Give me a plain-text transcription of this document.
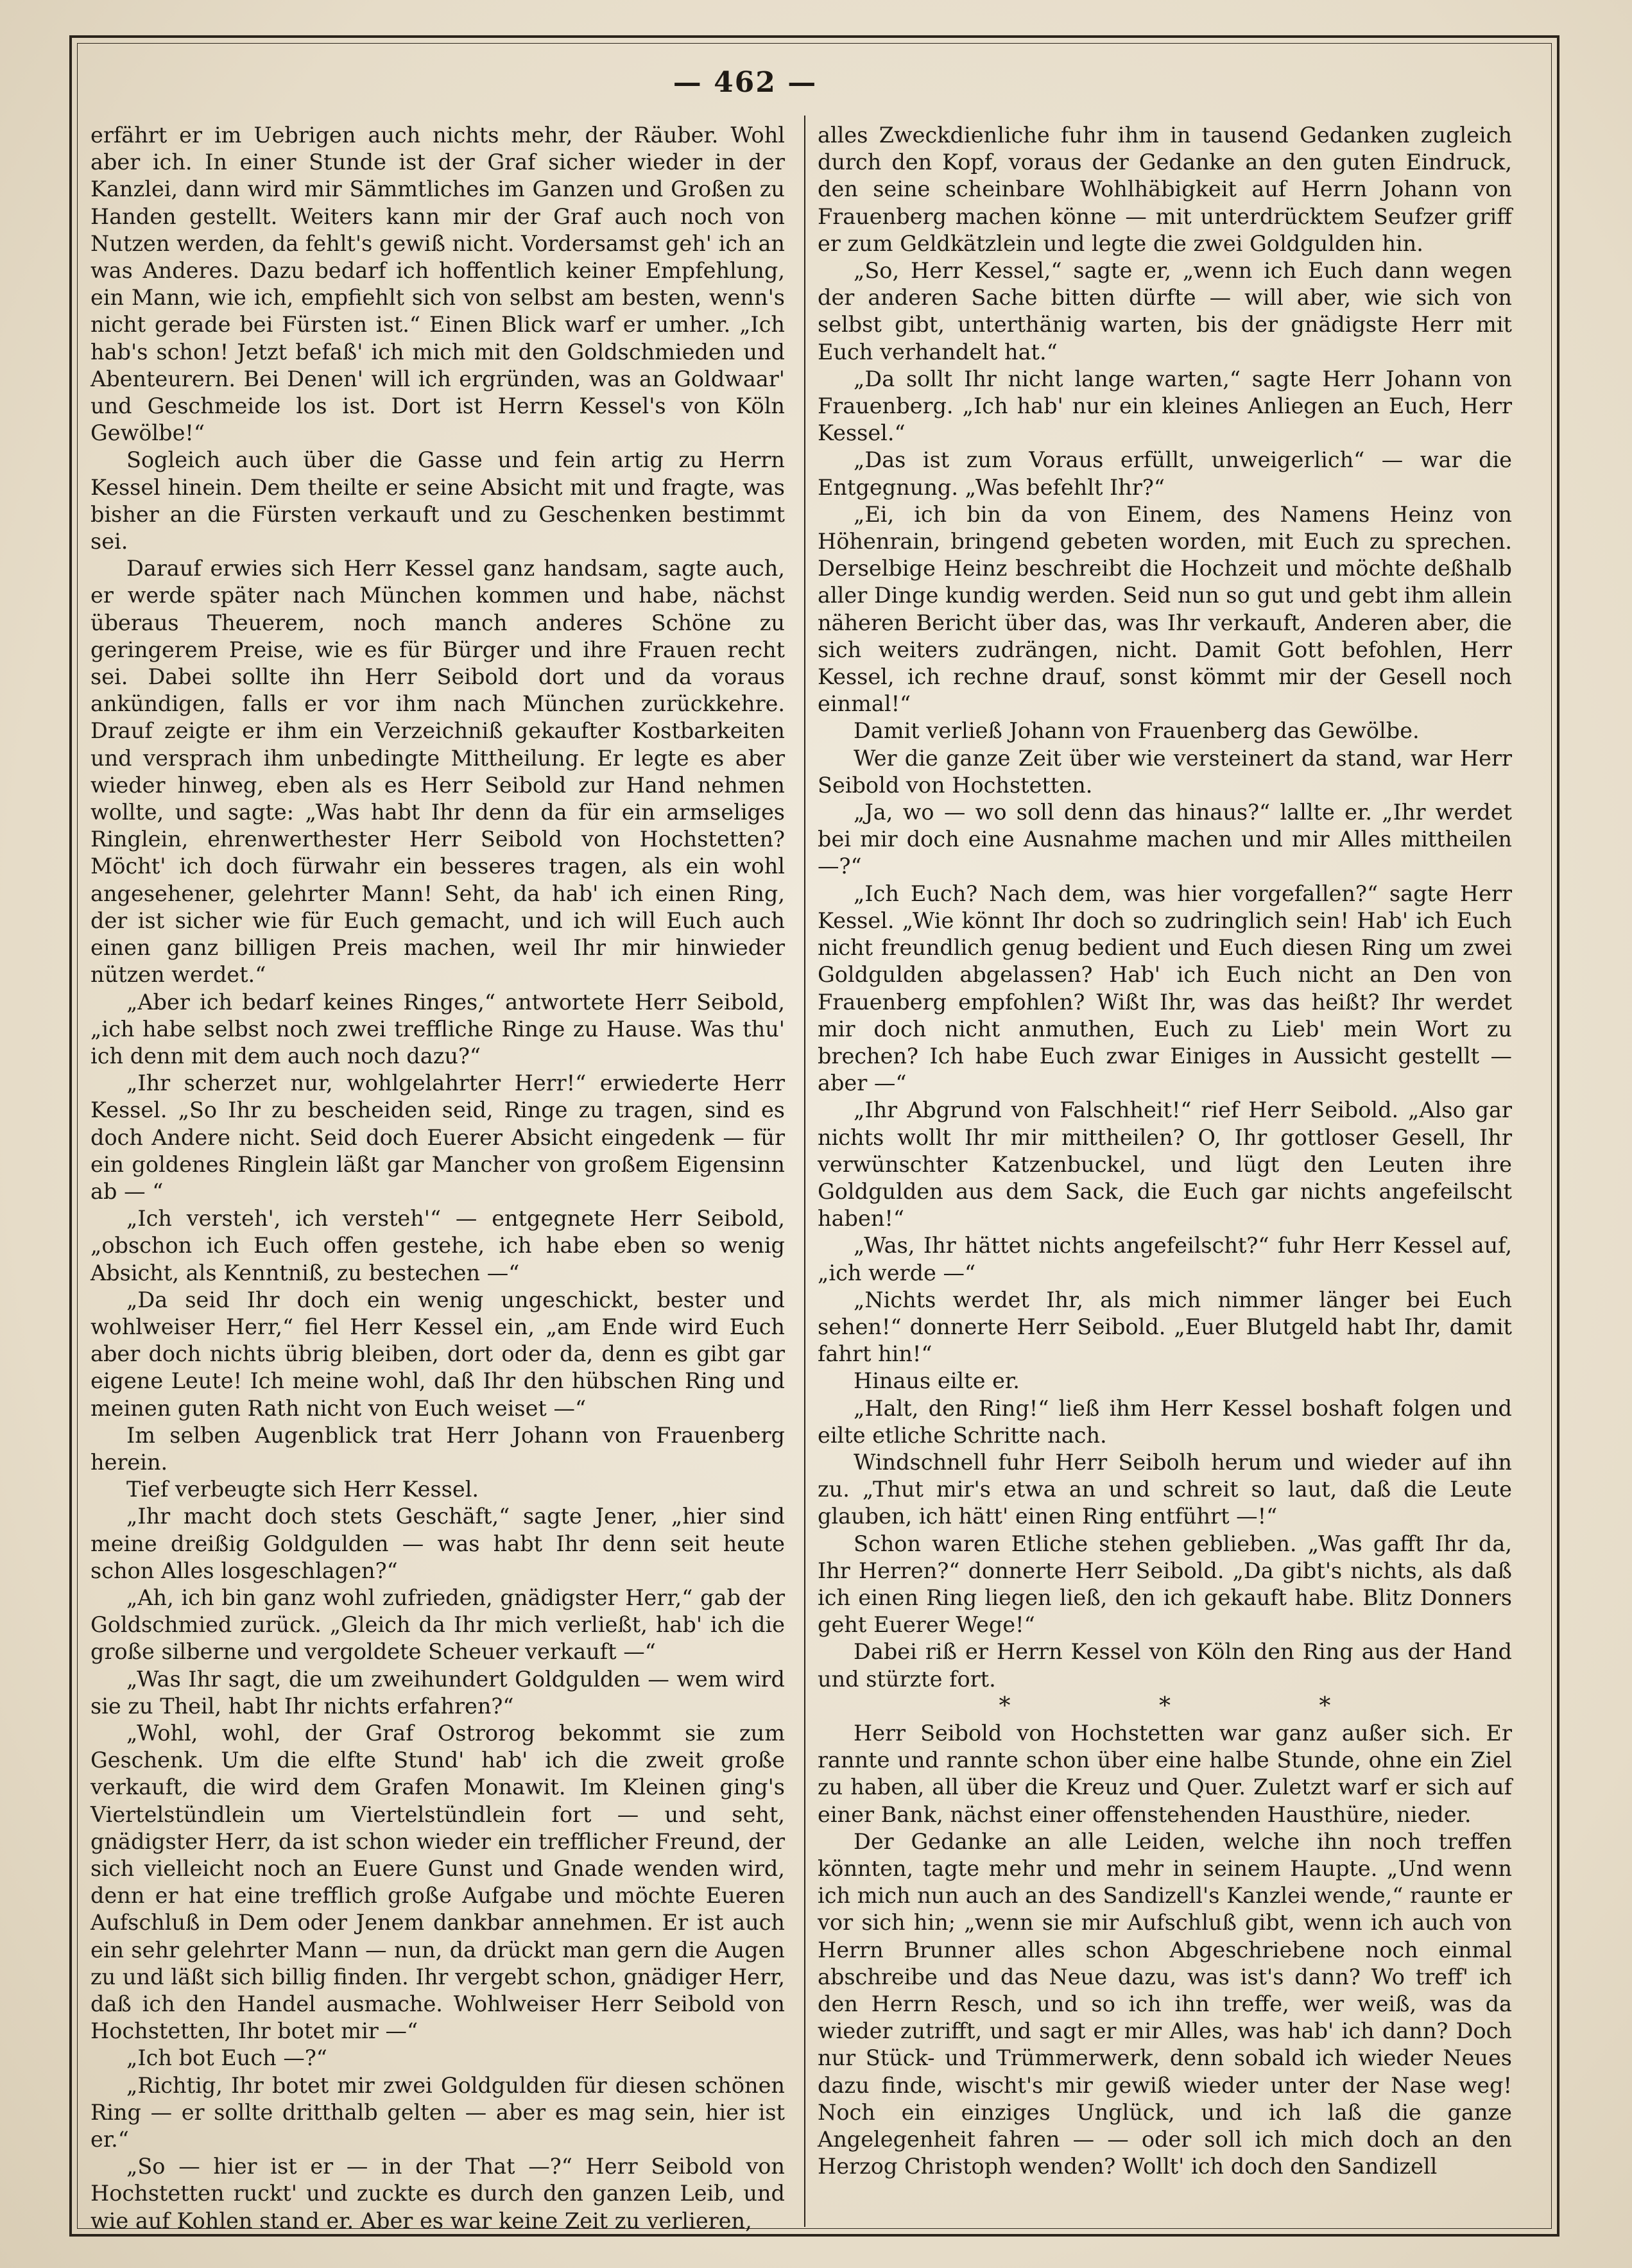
— 462 —

erfährt er im Uebrigen auch nichts mehr, der Räuber. Wohl aber ich. In einer Stunde ist der Graf sicher wieder in der Kanzlei, dann wird mir Sämmtliches im Ganzen und Großen zu Handen gestellt. Weiters kann mir der Graf auch noch von Nutzen werden, da fehlt's gewiß nicht. Vordersamst geh' ich an was Anderes. Dazu bedarf ich hoffentlich keiner Empfehlung, ein Mann, wie ich, empfiehlt sich von selbst am besten, wenn's nicht gerade bei Fürsten ist.“ Einen Blick warf er umher. „Ich hab's schon! Jetzt befaß' ich mich mit den Goldschmieden und Abenteurern. Bei Denen' will ich ergründen, was an Goldwaar' und Geschmeide los ist. Dort ist Herrn Kessel's von Köln Gewölbe!“

Sogleich auch über die Gasse und fein artig zu Herrn Kessel hinein. Dem theilte er seine Absicht mit und fragte, was bisher an die Fürsten verkauft und zu Geschenken bestimmt sei.

Darauf erwies sich Herr Kessel ganz handsam, sagte auch, er werde später nach München kommen und habe, nächst überaus Theuerem, noch manch anderes Schöne zu geringerem Preise, wie es für Bürger und ihre Frauen recht sei. Dabei sollte ihn Herr Seibold dort und da voraus ankündigen, falls er vor ihm nach München zurückkehre. Drauf zeigte er ihm ein Verzeichniß gekaufter Kostbarkeiten und versprach ihm unbedingte Mittheilung. Er legte es aber wieder hinweg, eben als es Herr Seibold zur Hand nehmen wollte, und sagte: „Was habt Ihr denn da für ein armseliges Ringlein, ehrenwerthester Herr Seibold von Hochstetten? Möcht' ich doch fürwahr ein besseres tragen, als ein wohl angesehener, gelehrter Mann! Seht, da hab' ich einen Ring, der ist sicher wie für Euch gemacht, und ich will Euch auch einen ganz billigen Preis machen, weil Ihr mir hinwieder nützen werdet.“

„Aber ich bedarf keines Ringes,“ antwortete Herr Seibold, „ich habe selbst noch zwei treffliche Ringe zu Hause. Was thu' ich denn mit dem auch noch dazu?“

„Ihr scherzet nur, wohlgelahrter Herr!“ erwiederte Herr Kessel. „So Ihr zu bescheiden seid, Ringe zu tragen, sind es doch Andere nicht. Seid doch Euerer Absicht eingedenk — für ein goldenes Ringlein läßt gar Mancher von großem Eigensinn ab — “

„Ich versteh', ich versteh'“ — entgegnete Herr Seibold, „obschon ich Euch offen gestehe, ich habe eben so wenig Absicht, als Kenntniß, zu bestechen —“

„Da seid Ihr doch ein wenig ungeschickt, bester und wohlweiser Herr,“ fiel Herr Kessel ein, „am Ende wird Euch aber doch nichts übrig bleiben, dort oder da, denn es gibt gar eigene Leute! Ich meine wohl, daß Ihr den hübschen Ring und meinen guten Rath nicht von Euch weiset —“

Im selben Augenblick trat Herr Johann von Frauenberg herein.

Tief verbeugte sich Herr Kessel.

„Ihr macht doch stets Geschäft,“ sagte Jener, „hier sind meine dreißig Goldgulden — was habt Ihr denn seit heute schon Alles losgeschlagen?“

„Ah, ich bin ganz wohl zufrieden, gnädigster Herr,“ gab der Goldschmied zurück. „Gleich da Ihr mich verließt, hab' ich die große silberne und vergoldete Scheuer verkauft —“

„Was Ihr sagt, die um zweihundert Goldgulden — wem wird sie zu Theil, habt Ihr nichts erfahren?“

„Wohl, wohl, der Graf Ostrorog bekommt sie zum Geschenk. Um die elfte Stund' hab' ich die zweit große verkauft, die wird dem Grafen Monawit. Im Kleinen ging's Viertelstündlein um Viertelstündlein fort — und seht, gnädigster Herr, da ist schon wieder ein trefflicher Freund, der sich vielleicht noch an Euere Gunst und Gnade wenden wird, denn er hat eine trefflich große Aufgabe und möchte Eueren Aufschluß in Dem oder Jenem dankbar annehmen. Er ist auch ein sehr gelehrter Mann — nun, da drückt man gern die Augen zu und läßt sich billig finden. Ihr vergebt schon, gnädiger Herr, daß ich den Handel ausmache. Wohlweiser Herr Seibold von Hochstetten, Ihr botet mir —“

„Ich bot Euch —?“

„Richtig, Ihr botet mir zwei Goldgulden für diesen schönen Ring — er sollte dritthalb gelten — aber es mag sein, hier ist er.“

„So — hier ist er — in der That —?“ Herr Seibold von Hochstetten ruckt' und zuckte es durch den ganzen Leib, und wie auf Kohlen stand er. Aber es war keine Zeit zu verlieren,

alles Zweckdienliche fuhr ihm in tausend Gedanken zugleich durch den Kopf, voraus der Gedanke an den guten Eindruck, den seine scheinbare Wohlhäbigkeit auf Herrn Johann von Frauenberg machen könne — mit unterdrücktem Seufzer griff er zum Geldkätzlein und legte die zwei Goldgulden hin.

„So, Herr Kessel,“ sagte er, „wenn ich Euch dann wegen der anderen Sache bitten dürfte — will aber, wie sich von selbst gibt, unterthänig warten, bis der gnädigste Herr mit Euch verhandelt hat.“

„Da sollt Ihr nicht lange warten,“ sagte Herr Johann von Frauenberg. „Ich hab' nur ein kleines Anliegen an Euch, Herr Kessel.“

„Das ist zum Voraus erfüllt, unweigerlich“ — war die Entgegnung. „Was befehlt Ihr?“

„Ei, ich bin da von Einem, des Namens Heinz von Höhenrain, bringend gebeten worden, mit Euch zu sprechen. Derselbige Heinz beschreibt die Hochzeit und möchte deßhalb aller Dinge kundig werden. Seid nun so gut und gebt ihm allein näheren Bericht über das, was Ihr verkauft, Anderen aber, die sich weiters zudrängen, nicht. Damit Gott befohlen, Herr Kessel, ich rechne drauf, sonst kömmt mir der Gesell noch einmal!“

Damit verließ Johann von Frauenberg das Gewölbe.

Wer die ganze Zeit über wie versteinert da stand, war Herr Seibold von Hochstetten.

„Ja, wo — wo soll denn das hinaus?“ lallte er. „Ihr werdet bei mir doch eine Ausnahme machen und mir Alles mittheilen —?“

„Ich Euch? Nach dem, was hier vorgefallen?“ sagte Herr Kessel. „Wie könnt Ihr doch so zudringlich sein! Hab' ich Euch nicht freundlich genug bedient und Euch diesen Ring um zwei Goldgulden abgelassen? Hab' ich Euch nicht an Den von Frauenberg empfohlen? Wißt Ihr, was das heißt? Ihr werdet mir doch nicht anmuthen, Euch zu Lieb' mein Wort zu brechen? Ich habe Euch zwar Einiges in Aussicht gestellt — aber —“

„Ihr Abgrund von Falschheit!“ rief Herr Seibold. „Also gar nichts wollt Ihr mir mittheilen? O, Ihr gottloser Gesell, Ihr verwünschter Katzenbuckel, und lügt den Leuten ihre Goldgulden aus dem Sack, die Euch gar nichts angefeilscht haben!“

„Was, Ihr hättet nichts angefeilscht?“ fuhr Herr Kessel auf, „ich werde —“

„Nichts werdet Ihr, als mich nimmer länger bei Euch sehen!“ donnerte Herr Seibold. „Euer Blutgeld habt Ihr, damit fahrt hin!“

Hinaus eilte er.

„Halt, den Ring!“ ließ ihm Herr Kessel boshaft folgen und eilte etliche Schritte nach.

Windschnell fuhr Herr Seibolh herum und wieder auf ihn zu. „Thut mir's etwa an und schreit so laut, daß die Leute glauben, ich hätt' einen Ring entführt —!“

Schon waren Etliche stehen geblieben. „Was gafft Ihr da, Ihr Herren?“ donnerte Herr Seibold. „Da gibt's nichts, als daß ich einen Ring liegen ließ, den ich gekauft habe. Blitz Donners geht Euerer Wege!“

Dabei riß er Herrn Kessel von Köln den Ring aus der Hand und stürzte fort.

* * *

Herr Seibold von Hochstetten war ganz außer sich. Er rannte und rannte schon über eine halbe Stunde, ohne ein Ziel zu haben, all über die Kreuz und Quer. Zuletzt warf er sich auf einer Bank, nächst einer offenstehenden Hausthüre, nieder.

Der Gedanke an alle Leiden, welche ihn noch treffen könnten, tagte mehr und mehr in seinem Haupte. „Und wenn ich mich nun auch an des Sandizell's Kanzlei wende,“ raunte er vor sich hin; „wenn sie mir Aufschluß gibt, wenn ich auch von Herrn Brunner alles schon Abgeschriebene noch einmal abschreibe und das Neue dazu, was ist's dann? Wo treff' ich den Herrn Resch, und so ich ihn treffe, wer weiß, was da wieder zutrifft, und sagt er mir Alles, was hab' ich dann? Doch nur Stück- und Trümmerwerk, denn sobald ich wieder Neues dazu finde, wischt's mir gewiß wieder unter der Nase weg! Noch ein einziges Unglück, und ich laß die ganze Angelegenheit fahren — — oder soll ich mich doch an den Herzog Christoph wenden? Wollt' ich doch den Sandizell
